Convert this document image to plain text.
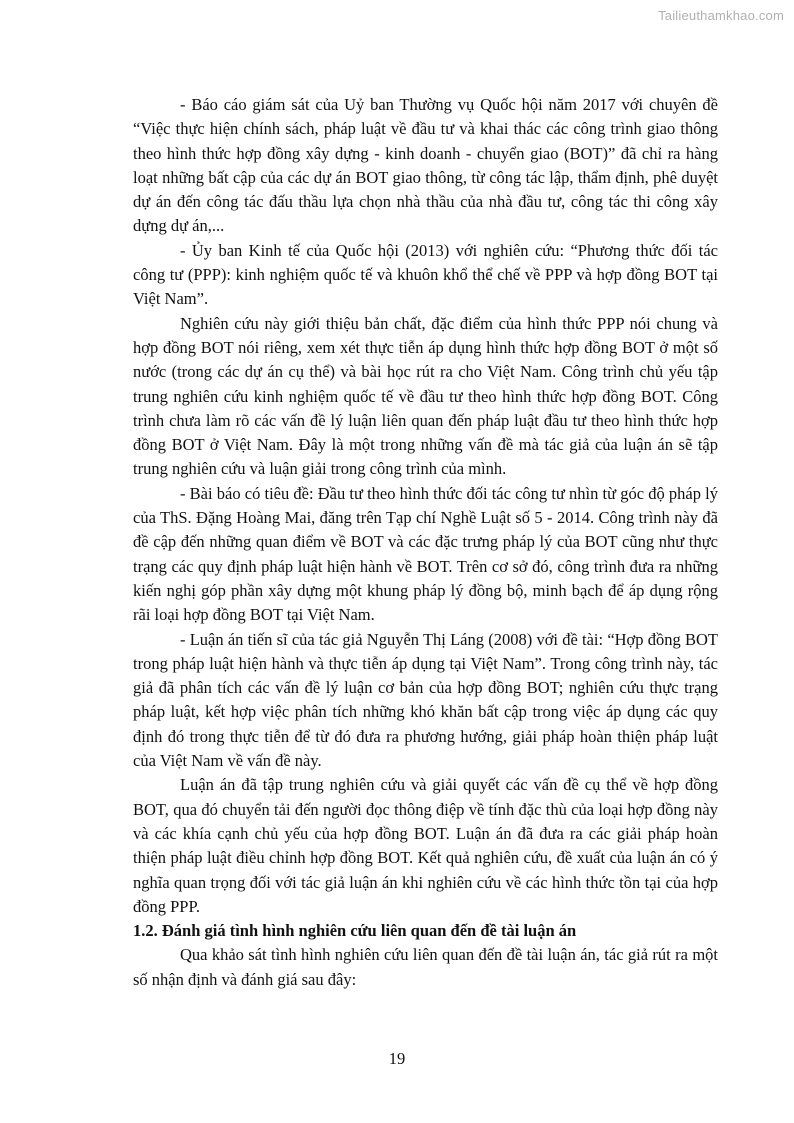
Tailieuthamkhao.com

- Báo cáo giám sát của Uỷ ban Thường vụ Quốc hội năm 2017 với chuyên đề “Việc thực hiện chính sách, pháp luật về đầu tư và khai thác các công trình giao thông theo hình thức hợp đồng xây dựng - kinh doanh - chuyển giao (BOT)” đã chỉ ra hàng loạt những bất cập của các dự án BOT giao thông, từ công tác lập, thẩm định, phê duyệt dự án đến công tác đấu thầu lựa chọn nhà thầu của nhà đầu tư, công tác thi công xây dựng dự án,...

- Ủy ban Kinh tế của Quốc hội (2013) với nghiên cứu: “Phương thức đối tác công tư (PPP): kinh nghiệm quốc tế và khuôn khổ thể chế về PPP và hợp đồng BOT tại Việt Nam”.

Nghiên cứu này giới thiệu bản chất, đặc điểm của hình thức PPP nói chung và hợp đồng BOT nói riêng, xem xét thực tiễn áp dụng hình thức hợp đồng BOT ở một số nước (trong các dự án cụ thể) và bài học rút ra cho Việt Nam. Công trình chủ yếu tập trung nghiên cứu kinh nghiệm quốc tế về đầu tư theo hình thức hợp đồng BOT. Công trình chưa làm rõ các vấn đề lý luận liên quan đến pháp luật đầu tư theo hình thức hợp đồng BOT ở Việt Nam. Đây là một trong những vấn đề mà tác giả của luận án sẽ tập trung nghiên cứu và luận giải trong công trình của mình.

- Bài báo có tiêu đề: Đầu tư theo hình thức đối tác công tư nhìn từ góc độ pháp lý của ThS. Đặng Hoàng Mai, đăng trên Tạp chí Nghề Luật số 5 - 2014. Công trình này đã đề cập đến những quan điểm về BOT và các đặc trưng pháp lý của BOT cũng như thực trạng các quy định pháp luật hiện hành về BOT. Trên cơ sở đó, công trình đưa ra những kiến nghị góp phần xây dựng một khung pháp lý đồng bộ, minh bạch để áp dụng rộng rãi loại hợp đồng BOT tại Việt Nam.

- Luận án tiến sĩ của tác giả Nguyễn Thị Láng (2008) với đề tài: “Hợp đồng BOT trong pháp luật hiện hành và thực tiễn áp dụng tại Việt Nam”. Trong công trình này, tác giả đã phân tích các vấn đề lý luận cơ bản của hợp đồng BOT; nghiên cứu thực trạng pháp luật, kết hợp việc phân tích những khó khăn bất cập trong việc áp dụng các quy định đó trong thực tiễn để từ đó đưa ra phương hướng, giải pháp hoàn thiện pháp luật của Việt Nam về vấn đề này.

Luận án đã tập trung nghiên cứu và giải quyết các vấn đề cụ thể về hợp đồng BOT, qua đó chuyển tải đến người đọc thông điệp về tính đặc thù của loại hợp đồng này và các khía cạnh chủ yếu của hợp đồng BOT. Luận án đã đưa ra các giải pháp hoàn thiện pháp luật điều chỉnh hợp đồng BOT. Kết quả nghiên cứu, đề xuất của luận án có ý nghĩa quan trọng đối với tác giả luận án khi nghiên cứu về các hình thức tồn tại của hợp đồng PPP.

1.2. Đánh giá tình hình nghiên cứu liên quan đến đề tài luận án

Qua khảo sát tình hình nghiên cứu liên quan đến đề tài luận án, tác giả rút ra một số nhận định và đánh giá sau đây:

19
